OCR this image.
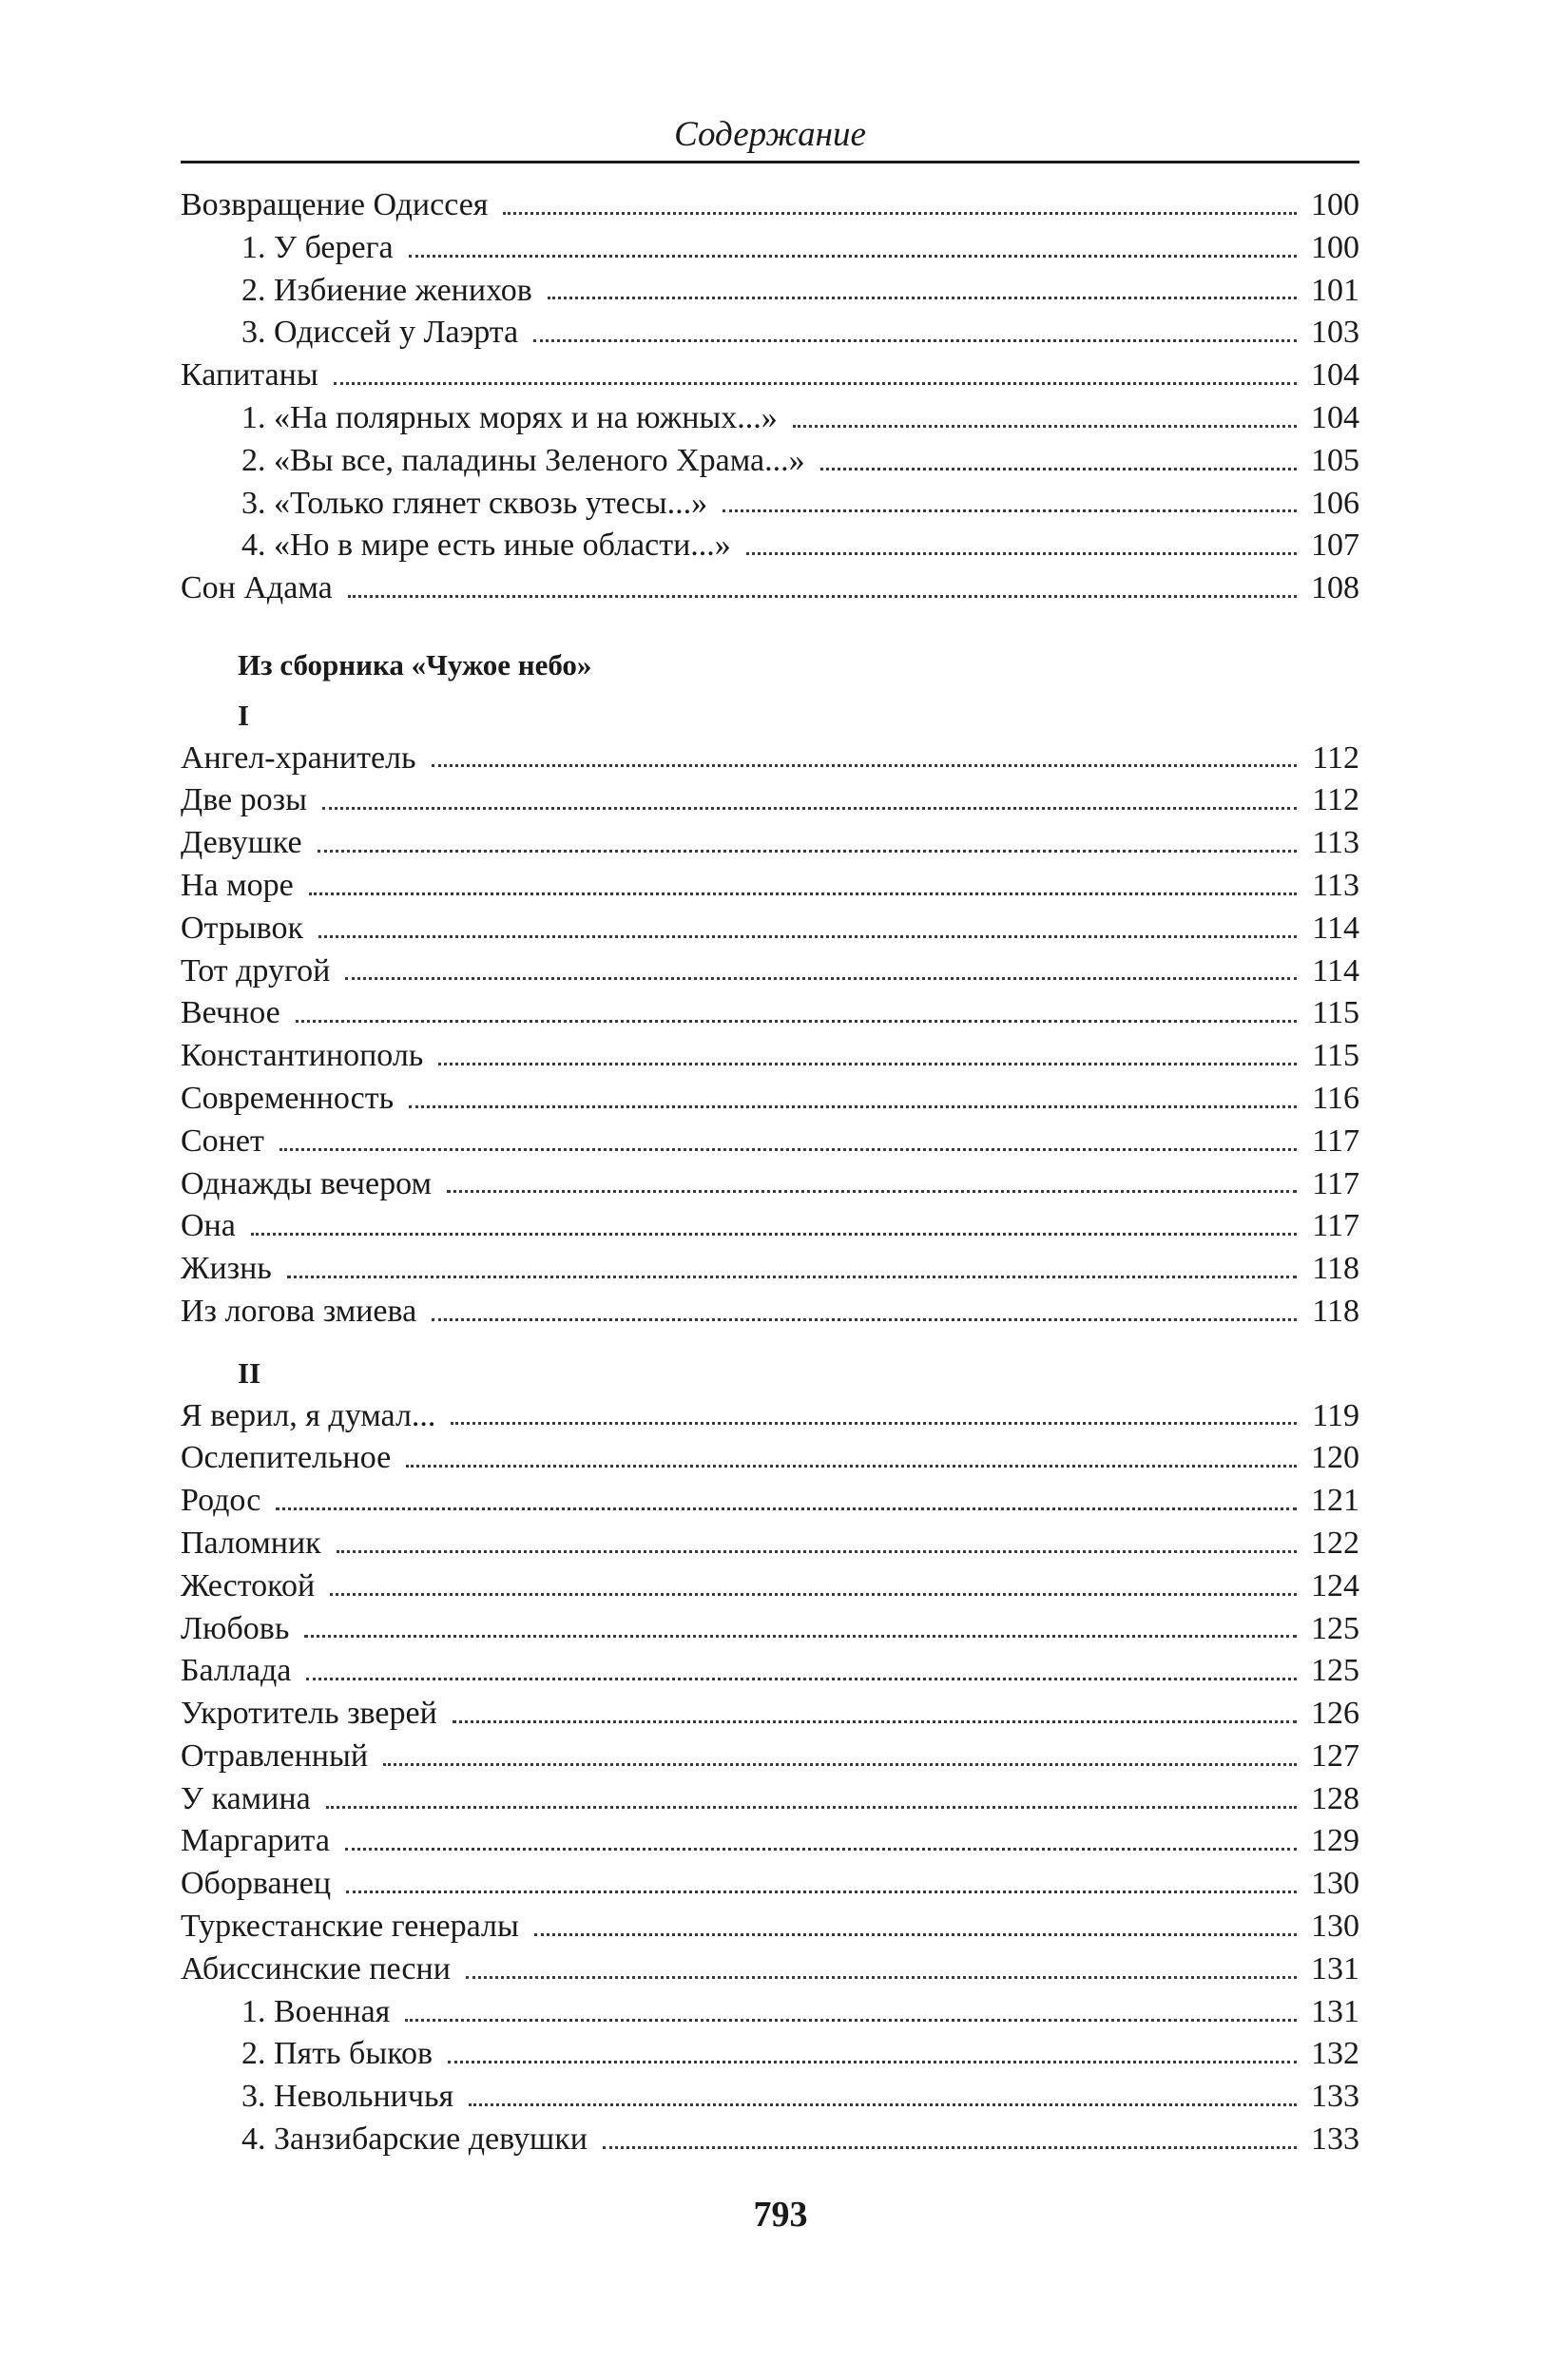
Содержание
Возвращение Одиссея	100
1. У берега	100
2. Избиение женихов	101
3. Одиссей у Лаэрта	103
Капитаны	104
1. «На полярных морях и на южных...»	104
2. «Вы все, паладины Зеленого Храма...»	105
3. «Только глянет сквозь утесы...»	106
4. «Но в мире есть иные области...»	107
Сон Адама	108
Из сборника «Чужое небо»
I
Ангел-хранитель	112
Две розы	112
Девушке	113
На море	113
Отрывок	114
Тот другой	114
Вечное	115
Константинополь	115
Современность	116
Сонет	117
Однажды вечером	117
Она	117
Жизнь	118
Из логова змиева	118
II
Я верил, я думал...	119
Ослепительное	120
Родос	121
Паломник	122
Жестокой	124
Любовь	125
Баллада	125
Укротитель зверей	126
Отравленный	127
У камина	128
Маргарита	129
Оборванец	130
Туркестанские генералы	130
Абиссинские песни	131
1. Военная	131
2. Пять быков	132
3. Невольничья	133
4. Занзибарские девушки	133
793
